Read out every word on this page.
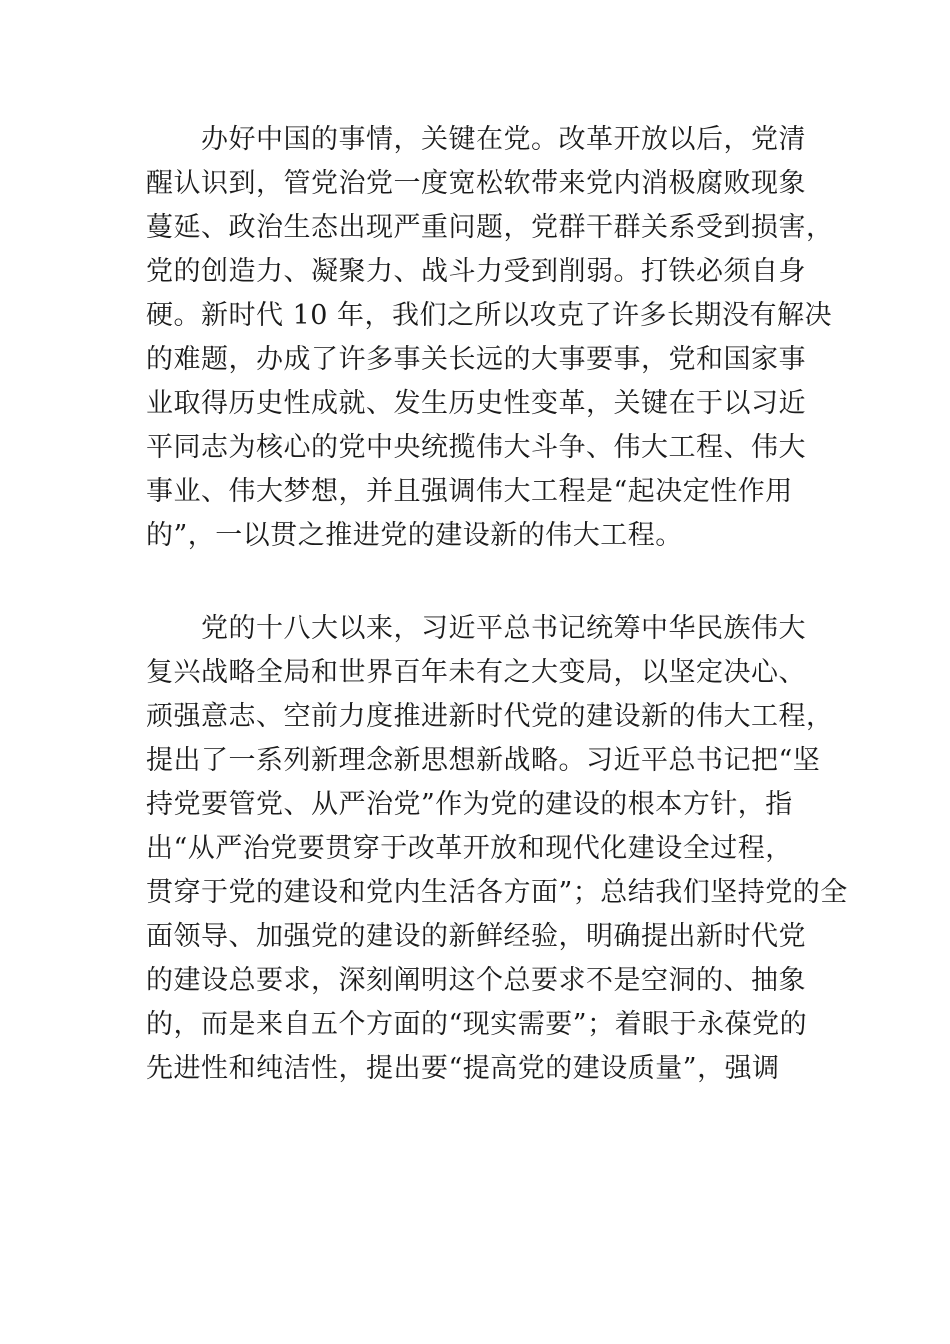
　　办好中国的事情，关键在党。改革开放以后，党清
醒认识到，管党治党一度宽松软带来党内消极腐败现象
蔓延、政治生态出现严重问题，党群干群关系受到损害，
党的创造力、凝聚力、战斗力受到削弱。打铁必须自身
硬。新时代 10 年，我们之所以攻克了许多长期没有解决
的难题，办成了许多事关长远的大事要事，党和国家事
业取得历史性成就、发生历史性变革，关键在于以习近
平同志为核心的党中央统揽伟大斗争、伟大工程、伟大
事业、伟大梦想，并且强调伟大工程是“起决定性作用
的”，一以贯之推进党的建设新的伟大工程。
　　党的十八大以来，习近平总书记统筹中华民族伟大
复兴战略全局和世界百年未有之大变局，以坚定决心、
顽强意志、空前力度推进新时代党的建设新的伟大工程，
提出了一系列新理念新思想新战略。习近平总书记把“坚
持党要管党、从严治党”作为党的建设的根本方针，指
出“从严治党要贯穿于改革开放和现代化建设全过程，
贯穿于党的建设和党内生活各方面”；总结我们坚持党的全
面领导、加强党的建设的新鲜经验，明确提出新时代党
的建设总要求，深刻阐明这个总要求不是空洞的、抽象
的，而是来自五个方面的“现实需要”；着眼于永葆党的
先进性和纯洁性，提出要“提高党的建设质量”，强调
